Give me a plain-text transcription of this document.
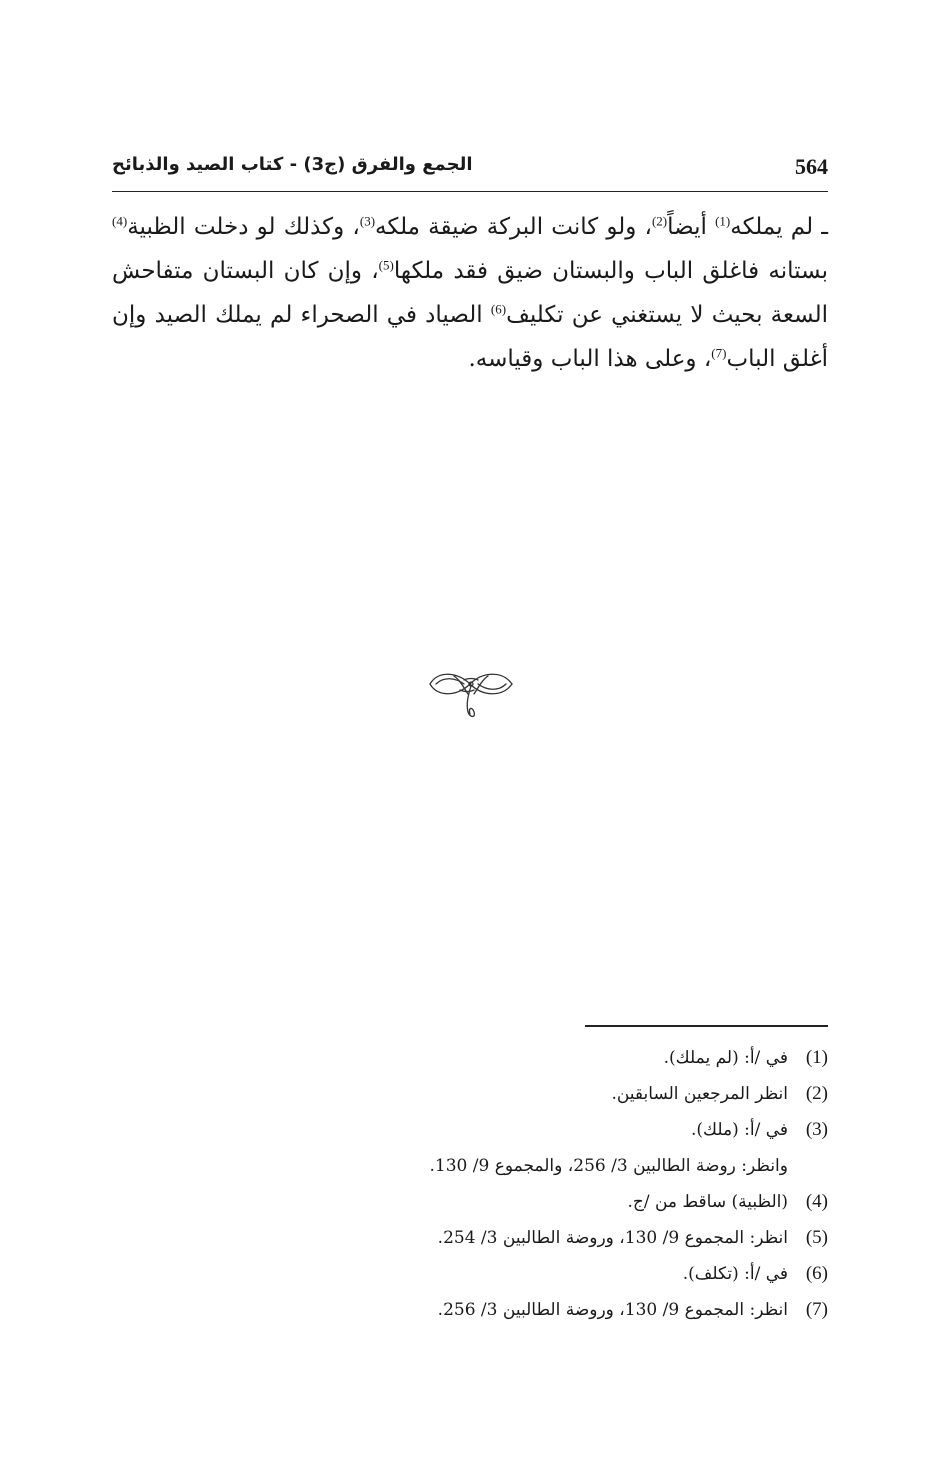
564
الجمع والفرق (ج3) - كتاب الصيد والذبائح
ـ لم يملكه$^{(1)}$ أيضاً$^{(2)}$، ولو كانت البركة ضيقة ملكه$^{(3)}$، وكذلك لو دخلت الظبية$^{(4)}$ بستانه فاغلق الباب والبستان ضيق فقد ملكها$^{(5)}$، وإن كان البستان متفاحش السعة بحيث لا يستغني عن تكليف$^{(6)}$ الصياد في الصحراء لم يملك الصيد وإن أغلق الباب$^{(7)}$، وعلى هذا الباب وقياسه.
(1)
في /أ: (لم يملك).
(2)
انظر المرجعين السابقين.
(3)
في /أ: (ملك).
وانظر: روضة الطالبين 3/ 256، والمجموع 9/ 130.
(4)
(الظبية) ساقط من /ج.
(5)
انظر: المجموع 9/ 130، وروضة الطالبين 3/ 254.
(6)
في /أ: (تكلف).
(7)
انظر: المجموع 9/ 130، وروضة الطالبين 3/ 256.
